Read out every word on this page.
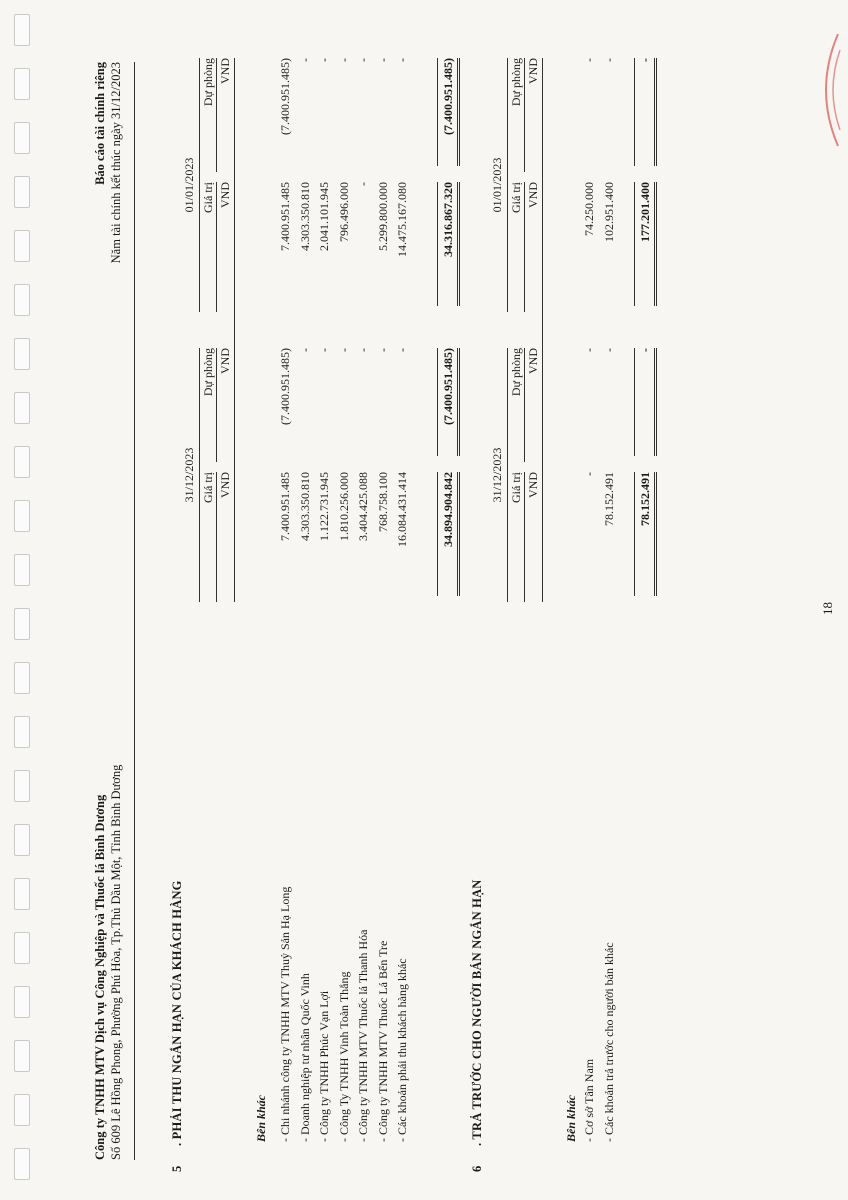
Công ty TNHH MTV Dịch vụ Công Nghiệp và Thuốc lá Bình Dương Số 609 Lê Hồng Phong, Phường Phú Hòa, Tp.Thủ Dầu Một, Tỉnh Bình Dương
Báo cáo tài chính riêng Năm tài chính kết thúc ngày 31/12/2023
5. PHẢI THU NGẮN HẠN CỦA KHÁCH HÀNG
31/12/2023
01/01/2023
Giá trị
Dự phòng
Giá trị
Dự phòng
VND
VND
VND
VND
Bên khác - Chi nhánh công ty TNHH MTV Thuỷ Sản Hạ Long
7.400.951.485
(7.400.951.485)
7.400.951.485
(7.400.951.485)
- Doanh nghiệp tư nhân Quốc Vinh
4.303.350.810
-
4.303.350.810
-
- Công ty TNHH Phúc Vạn Lợi
1.122.731.945
-
2.041.101.945
-
- Công Ty TNHH Vinh Toàn Thắng
1.810.256.000
-
796.496.000
-
- Công ty TNHH MTV Thuốc lá Thanh Hóa
3.404.425.088
-
-
-
- Công ty TNHH MTV Thuốc Lá Bến Tre
768.758.100
-
5.299.800.000
-
- Các khoản phải thu khách hàng khác
16.084.431.414
-
14.475.167.080
-
34.894.904.842
(7.400.951.485)
34.316.867.320
(7.400.951.485)
6. TRẢ TRƯỚC CHO NGƯỜI BÁN NGẮN HẠN
31/12/2023
01/01/2023
Giá trị
Dự phòng
Giá trị
Dự phòng
VND
VND
VND
VND
Bên khác - Cơ sở Tân Nam
-
-
74.250.000
-
- Các khoản trả trước cho người bán khác
78.152.491
-
102.951.400
-
78.152.491
-
177.201.400
-
18
